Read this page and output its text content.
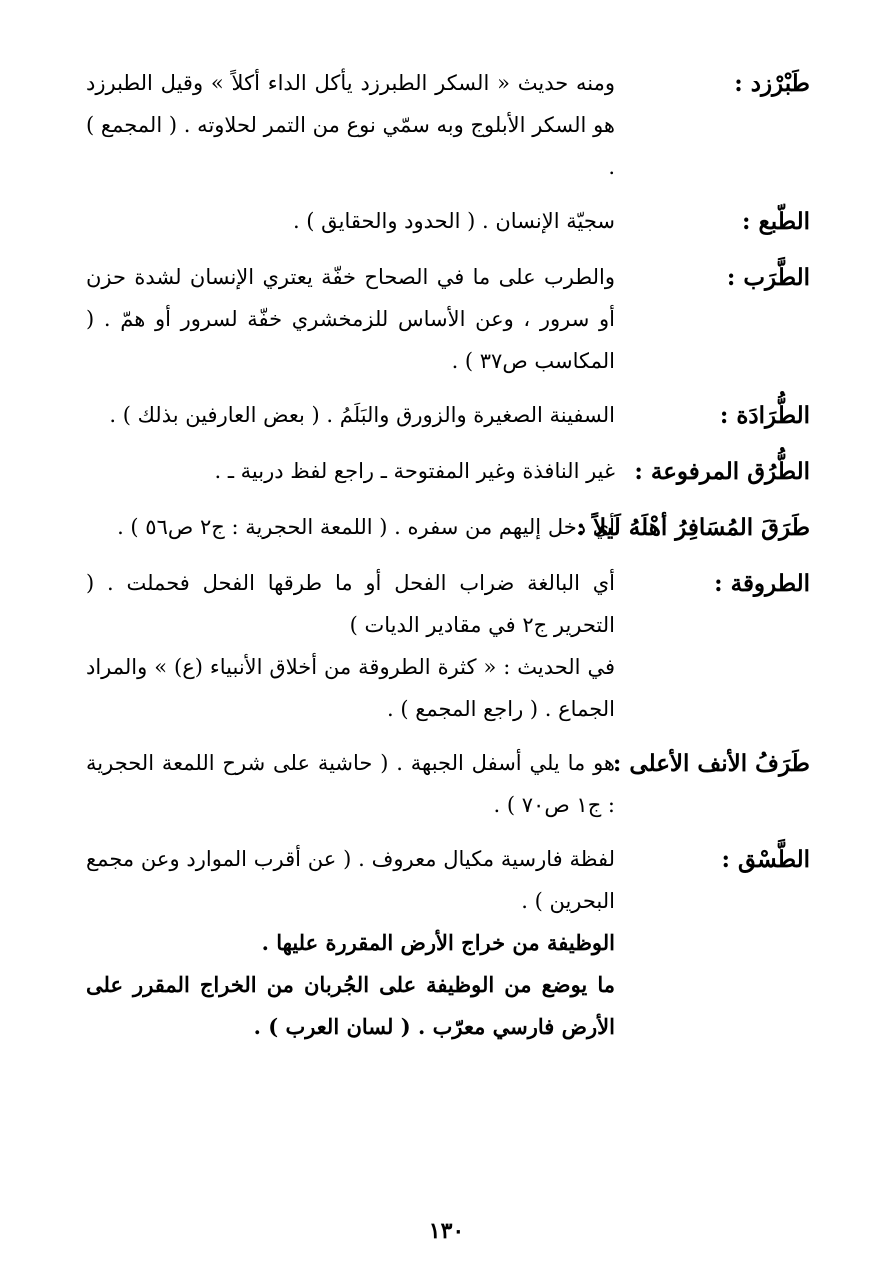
طَبْرْزد :

ومنه حديث « السكر الطبرزد يأكل الداء أكلاً » وقيل الطبرزد هو السكر الأبلوج وبه سمّي نوع من التمر لحلاوته . ( المجمع ) .

الطّبع :

سجيّة الإنسان . ( الحدود والحقايق ) .

الطَّرَب :

والطرب على ما في الصحاح خفّة يعتري الإنسان لشدة حزن أو سرور ، وعن الأساس للزمخشري خفّة لسرور أو همّ . ( المكاسب ص٣٧ ) .

الطُّرَادَة :

السفينة الصغيرة والزورق والبَلَمُ . ( بعض العارفين بذلك ) .

الطُّرُق المرفوعة :

غير النافذة وغير المفتوحة ـ راجع لفظ دربية ـ .

طَرَقَ المُسَافِرُ أهْلَهُ لَيلاً :

أي دخل إليهم من سفره . ( اللمعة الحجرية : ج٢ ص٥٦ ) .

الطروقة :

أي البالغة ضراب الفحل أو ما طرقها الفحل فحملت . ( التحرير ج٢ في مقادير الديات )

في الحديث : « كثرة الطروقة من أخلاق الأنبياء (ع) » والمراد الجماع . ( راجع المجمع ) .

طَرَفُ الأنف الأعلى :

هو ما يلي أسفل الجبهة . ( حاشية على شرح اللمعة الحجرية : ج١ ص٧٠ ) .

الطَّسْق :

لفظة فارسية مكيال معروف . ( عن أقرب الموارد وعن مجمع البحرين ) .

الوظيفة من خراج الأرض المقررة عليها .

ما يوضع من الوظيفة على الجُربان من الخراج المقرر على الأرض فارسي معرّب . ( لسان العرب ) .

١٣٠
